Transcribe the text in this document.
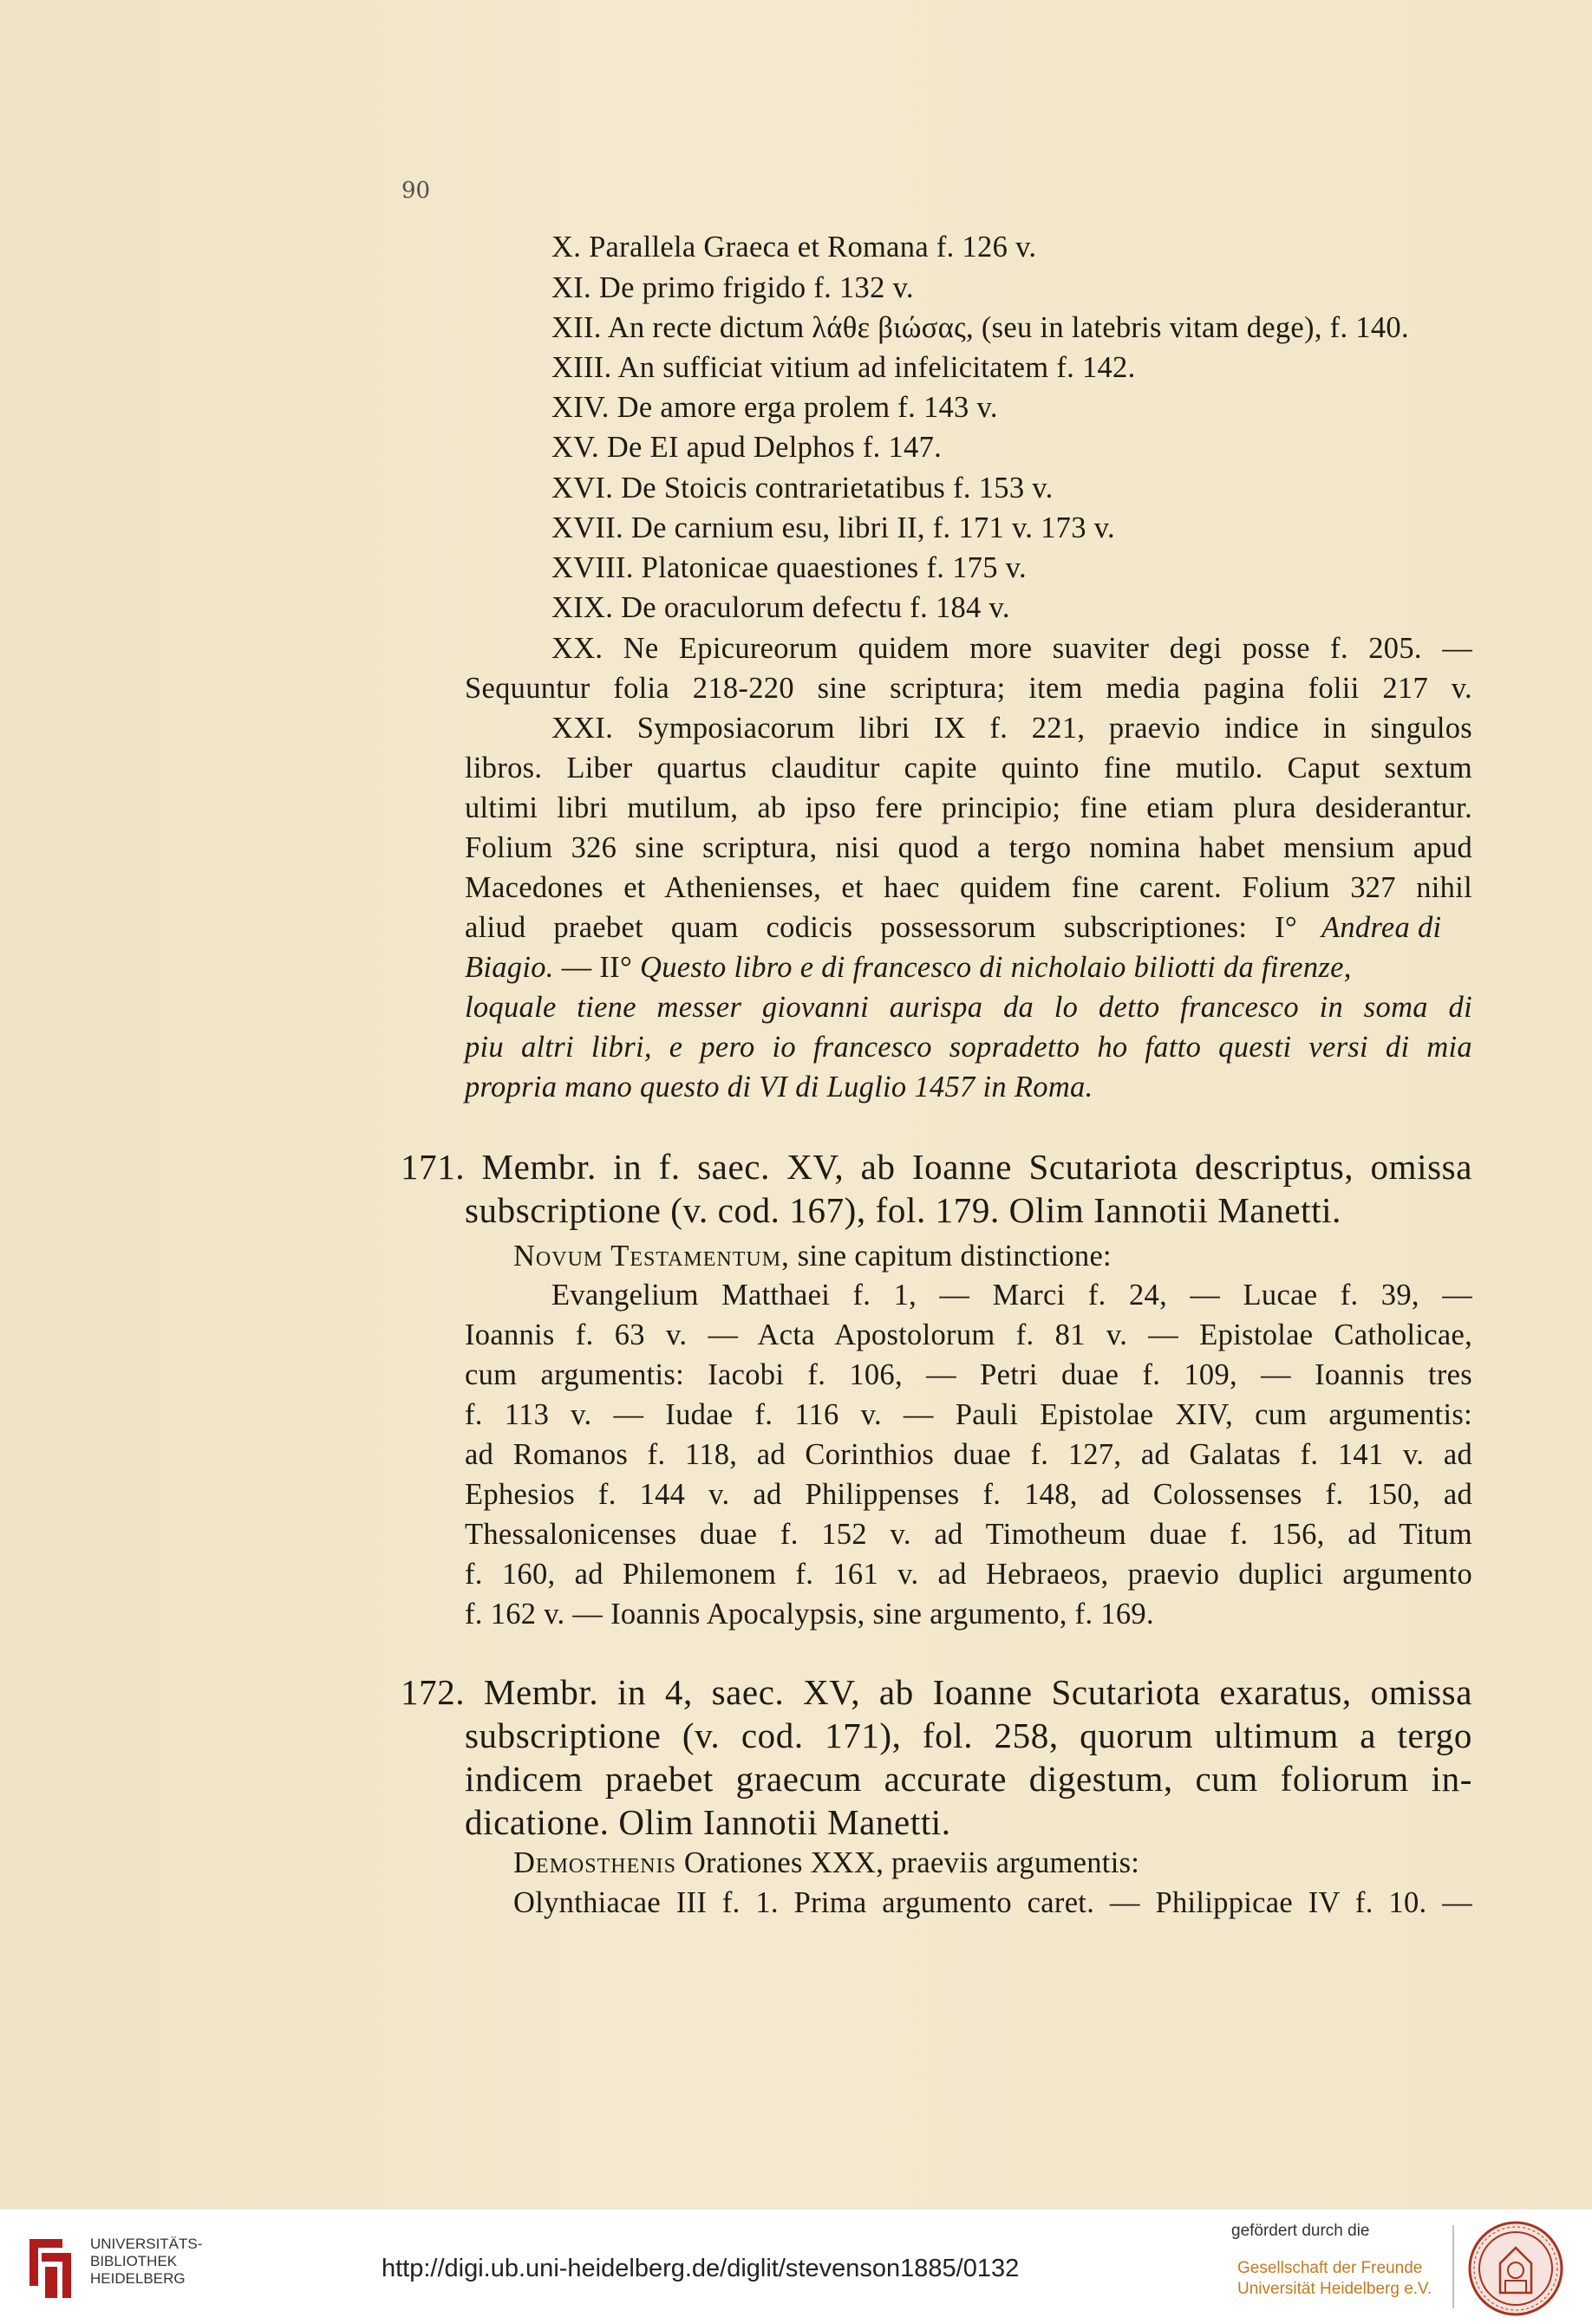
90
X. Parallela Graeca et Romana f. 126 v.
XI. De primo frigido f. 132 v.
XII. An recte dictum λάθε βιώσας, (seu in latebris vitam dege), f. 140.
XIII. An sufficiat vitium ad infelicitatem f. 142.
XIV. De amore erga prolem f. 143 v.
XV. De EI apud Delphos f. 147.
XVI. De Stoicis contrarietatibus f. 153 v.
XVII. De carnium esu, libri II, f. 171 v. 173 v.
XVIII. Platonicae quaestiones f. 175 v.
XIX. De oraculorum defectu f. 184 v.
XX. Ne Epicureorum quidem more suaviter degi posse f. 205. —
Sequuntur folia 218-220 sine scriptura; item media pagina folii 217 v.
XXI. Symposiacorum libri IX f. 221, praevio indice in singulos
libros. Liber quartus clauditur capite quinto fine mutilo. Caput sextum
ultimi libri mutilum, ab ipso fere principio; fine etiam plura desiderantur.
Folium 326 sine scriptura, nisi quod a tergo nomina habet mensium apud
Macedones et Athenienses, et haec quidem fine carent. Folium 327 nihil
aliud praebet quam codicis possessorum subscriptiones: I° Andrea di
Biagio. — II° Questo libro e di francesco di nicholaio biliotti da firenze,
loquale tiene messer giovanni aurispa da lo detto francesco in soma di
piu altri libri, e pero io francesco sopradetto ho fatto questi versi di mia
propria mano questo di VI di Luglio 1457 in Roma.
171. Membr. in f. saec. XV, ab Ioanne Scutariota descriptus, omissa
subscriptione (v. cod. 167), fol. 179. Olim Iannotii Manetti.
Novum Testamentum, sine capitum distinctione:
Evangelium Matthaei f. 1, — Marci f. 24, — Lucae f. 39, —
Ioannis f. 63 v. — Acta Apostolorum f. 81 v. — Epistolae Catholicae,
cum argumentis: Iacobi f. 106, — Petri duae f. 109, — Ioannis tres
f. 113 v. — Iudae f. 116 v. — Pauli Epistolae XIV, cum argumentis:
ad Romanos f. 118, ad Corinthios duae f. 127, ad Galatas f. 141 v. ad
Ephesios f. 144 v. ad Philippenses f. 148, ad Colossenses f. 150, ad
Thessalonicenses duae f. 152 v. ad Timotheum duae f. 156, ad Titum
f. 160, ad Philemonem f. 161 v. ad Hebraeos, praevio duplici argumento
f. 162 v. — Ioannis Apocalypsis, sine argumento, f. 169.
172. Membr. in 4, saec. XV, ab Ioanne Scutariota exaratus, omissa
subscriptione (v. cod. 171), fol. 258, quorum ultimum a tergo
indicem praebet graecum accurate digestum, cum foliorum in-
dicatione. Olim Iannotii Manetti.
Demosthenis Orationes XXX, praeviis argumentis:
Olynthiacae III f. 1. Prima argumento caret. — Philippicae IV f. 10. —
UNIVERSITÄTS-
BIBLIOTHEK
HEIDELBERG	http://digi.ub.uni-heidelberg.de/diglit/stevenson1885/0132
gefördert durch die
Gesellschaft der Freunde
Universität Heidelberg e.V.
